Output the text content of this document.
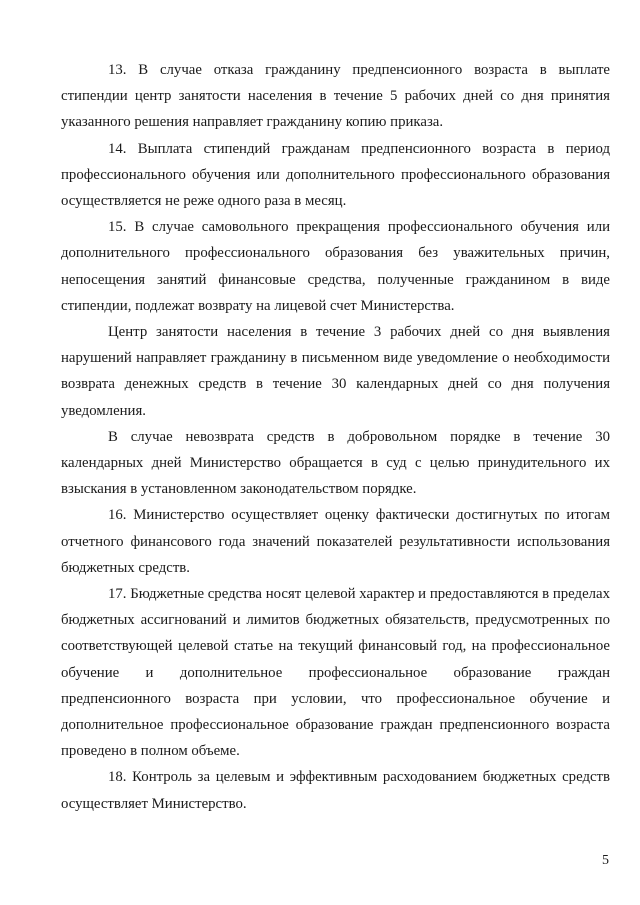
13. В случае отказа гражданину предпенсионного возраста в выплате стипендии центр занятости населения в течение 5 рабочих дней со дня принятия указанного решения направляет гражданину копию приказа.

14. Выплата стипендий гражданам предпенсионного возраста в период профессионального обучения или дополнительного профессионального образования осуществляется не реже одного раза в месяц.

15. В случае самовольного прекращения профессионального обучения или дополнительного профессионального образования без уважительных причин, непосещения занятий финансовые средства, полученные гражданином в виде стипендии, подлежат возврату на лицевой счет Министерства.

Центр занятости населения в течение 3 рабочих дней со дня выявления нарушений направляет гражданину в письменном виде уведомление о необходимости возврата денежных средств в течение 30 календарных дней со дня получения уведомления.

В случае невозврата средств в добровольном порядке в течение 30 календарных дней Министерство обращается в суд с целью принудительного их взыскания в установленном законодательством порядке.

16. Министерство осуществляет оценку фактически достигнутых по итогам отчетного финансового года значений показателей результативности использования бюджетных средств.

17. Бюджетные средства носят целевой характер и предоставляются в пределах бюджетных ассигнований и лимитов бюджетных обязательств, предусмотренных по соответствующей целевой статье на текущий финансовый год, на профессиональное обучение и дополнительное профессиональное образование граждан предпенсионного возраста при условии, что профессиональное обучение и дополнительное профессиональное образование граждан предпенсионного возраста проведено в полном объеме.

18. Контроль за целевым и эффективным расходованием бюджетных средств осуществляет Министерство.

5
